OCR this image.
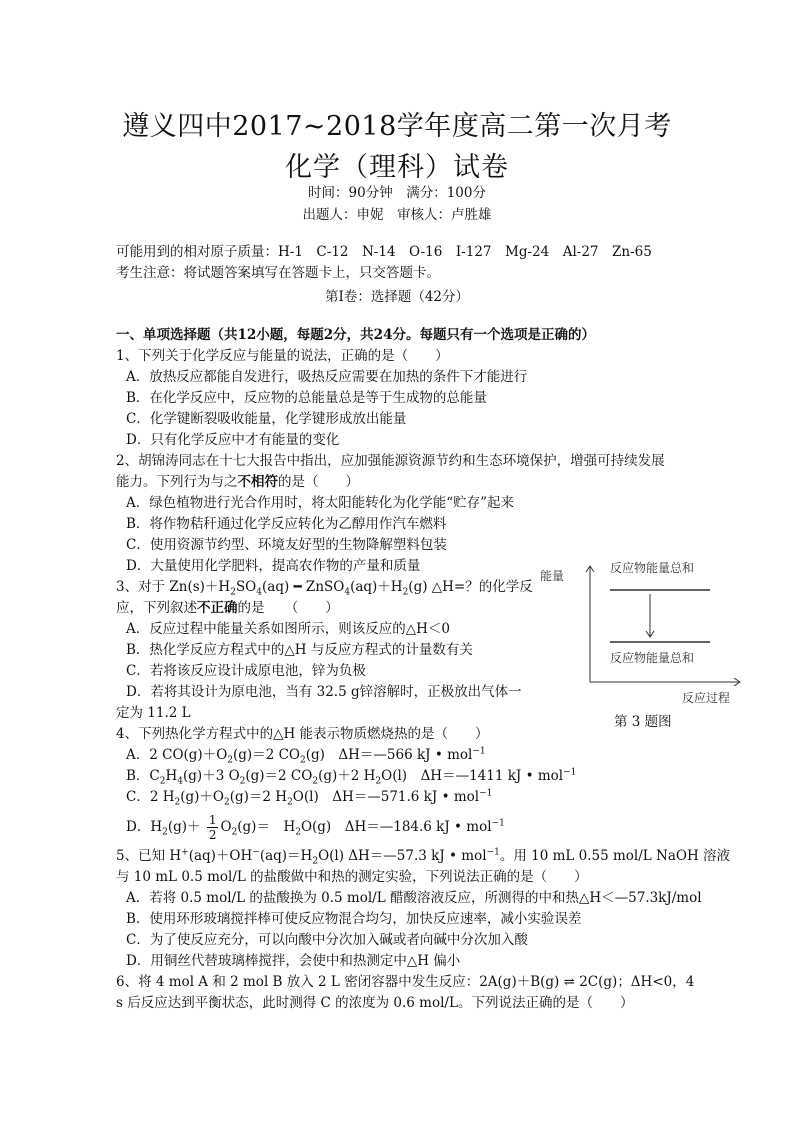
遵义四中2017~2018学年度高二第一次月考
化学（理科）试卷
时间：90分钟　满分：100分
出题人：申妮　审核人：卢胜雄
可能用到的相对原子质量：H-1　C-12　N-14　O-16　I-127　Mg-24　Al-27　Zn-65
考生注意：将试题答案填写在答题卡上，只交答题卡。
第Ⅰ卷：选择题（42分）
一、单项选择题（共12小题，每题2分，共24分。每题只有一个选项是正确的）
1、下列关于化学反应与能量的说法，正确的是（　　）
A．放热反应都能自发进行，吸热反应需要在加热的条件下才能进行
B．在化学反应中，反应物的总能量总是等于生成物的总能量
C．化学键断裂吸收能量，化学键形成放出能量
D．只有化学反应中才有能量的变化
2、胡锦涛同志在十七大报告中指出，应加强能源资源节约和生态环境保护，增强可持续发展
能力。下列行为与之不相符的是（　　）
A．绿色植物进行光合作用时，将太阳能转化为化学能“贮存”起来
B．将作物秸秆通过化学反应转化为乙醇用作汽车燃料
C．使用资源节约型、环境友好型的生物降解塑料包装
D．大量使用化学肥料，提高农作物的产量和质量
3、对于 $Zn(s)+H_2SO_4(aq)$ ━ $ZnSO_4(aq)+H_2(g)$ △H=？的化学反
应，下列叙述不正确的是　　（　　）
A．反应过程中能量关系如图所示，则该反应的△H＜0
B．热化学反应方程式中的△H 与反应方程式的计量数有关
C．若将该反应设计成原电池，锌为负极
D．若将其设计为原电池，当有 32.5 g锌溶解时，正极放出气体一
定为 11.2 L
能量
反应物能量总和
反应物能量总和
反应过程
第 3 题图
4、下列热化学方程式中的△H 能表示物质燃烧热的是（　　）
A．2 $CO(g)+O_2(g)=2$ $CO_2(g)$　ΔH＝—566 kJ • mol$^{-1}$
B．$C_2H_4(g)+3$ $O_2(g)=2$ $CO_2(g)+2$ $H_2O(l)$　ΔH＝—1411 kJ • mol$^{-1}$
C．2 $H_2(g)+O_2(g)=2$ $H_2O(l)$　ΔH＝—571.6 kJ • mol$^{-1}$
D．$H_2(g)+ \frac{1}{2} O_2(g)=$　$H_2O(g)$　ΔH＝—184.6 kJ • mol$^{-1}$
5、已知 $H^+(aq)+OH^-(aq)=H_2O(l)$ ΔH＝—57.3 kJ • mol$^{-1}$。用 10 mL 0.55 mol/L NaOH 溶液
与 10 mL 0.5 mol/L 的盐酸做中和热的测定实验，下列说法正确的是（　　）
A．若将 0.5 mol/L 的盐酸换为 0.5 mol/L 醋酸溶液反应，所测得的中和热△H＜—57.3kJ/mol
B．使用环形玻璃搅拌棒可使反应物混合均匀，加快反应速率，减小实验误差
C．为了使反应充分，可以向酸中分次加入碱或者向碱中分次加入酸
D．用铜丝代替玻璃棒搅拌，会使中和热测定中△H 偏小
6、将 4 mol A 和 2 mol B 放入 2 L 密闭容器中发生反应：2A(g)＋B(g) ⇌ 2C(g)；ΔH<0，4
s 后反应达到平衡状态，此时测得 C 的浓度为 0.6 mol/L。下列说法正确的是（　　）
